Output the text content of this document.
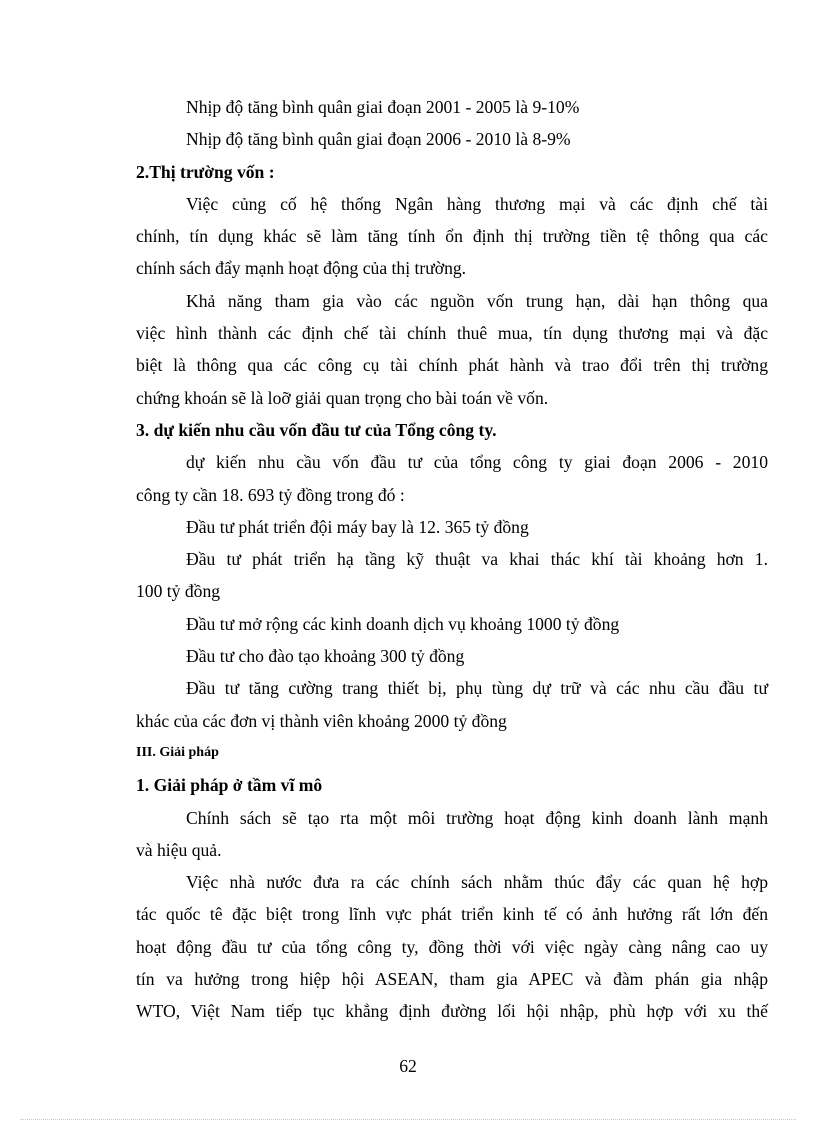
Nhịp độ tăng bình quân giai đoạn 2001 - 2005 là 9-10%
Nhịp độ tăng bình quân giai đoạn 2006 - 2010 là 8-9%
2.Thị trường vốn :
Việc củng cố hệ thống Ngân hàng thương mại và các định chế tài
chính, tín dụng khác sẽ làm tăng tính ổn định thị trường tiền tệ thông qua các
chính sách đẩy mạnh hoạt động của thị trường.
Khả năng tham gia vào các nguồn vốn trung hạn, dài hạn thông qua
việc hình thành các định chế tài chính thuê mua, tín dụng thương mại và đặc
biệt là thông qua các công cụ tài chính phát hành và trao đổi trên thị trường
chứng khoán sẽ là loỡ giải quan trọng cho bài toán về vốn.
3. dự kiến nhu cầu vốn đầu tư của Tổng công ty.
dự kiến nhu cầu vốn đầu tư của tổng công ty giai đoạn 2006 - 2010
công ty cần 18. 693 tỷ đồng trong đó :
Đầu tư phát triển đội máy bay là 12. 365 tỷ đồng
Đầu tư phát triển hạ tầng kỹ thuật va khai thác khí tài khoảng hơn 1.
100 tỷ đồng
Đầu tư mở rộng các kinh doanh dịch vụ khoảng 1000 tỷ đồng
Đầu tư cho đào tạo khoảng 300 tỷ đồng
Đầu tư tăng cường trang thiết bị, phụ tùng dự trữ và các nhu cầu đầu tư
khác của các đơn vị thành viên khoảng 2000 tỷ đồng
III. Giải pháp
1. Giải pháp ở tầm vĩ mô
Chính sách sẽ tạo rta một môi trường hoạt động kinh doanh lành mạnh
và hiệu quả.
Việc nhà nước đưa ra các chính sách nhằm thúc đẩy các quan hệ hợp
tác quốc tê đặc biệt trong lĩnh vực phát triển kinh tế có ảnh hưởng rất lớn đến
hoạt động đầu tư của tổng công ty, đồng thời với việc ngày càng nâng cao uy
tín va hưởng trong hiệp hội ASEAN, tham gia APEC và đàm phán gia nhập
WTO, Việt Nam tiếp tục khẳng định đường lối hội nhập, phù hợp với xu thế
62
